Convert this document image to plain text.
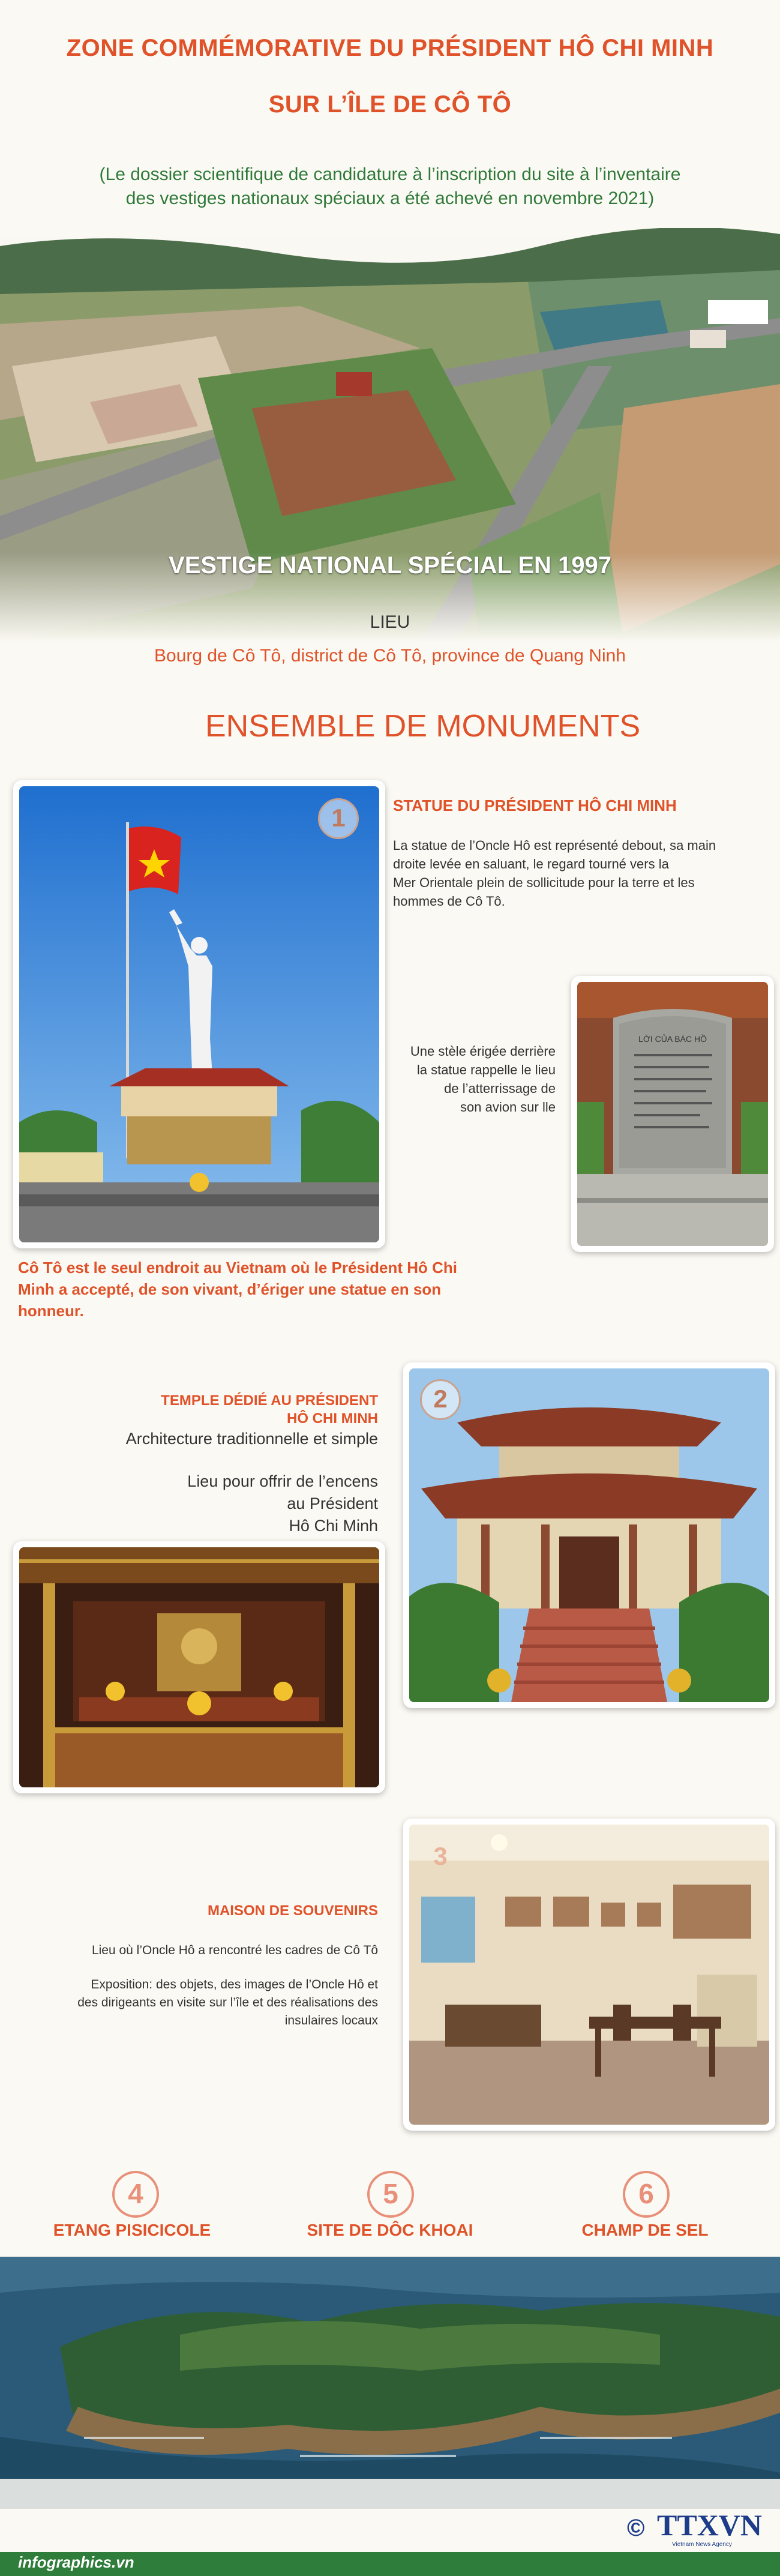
ZONE COMMÉMORATIVE DU PRÉSIDENT HÔ CHI MINH
SUR L’ÎLE DE CÔ TÔ
(Le dossier scientifique de candidature à l’inscription du site à l’inventaire
des vestiges nationaux spéciaux a été achevé en novembre 2021)
VESTIGE NATIONAL SPÉCIAL EN 1997
LIEU
Bourg de Cô Tô, district de Cô Tô, province de Quang Ninh
ENSEMBLE DE MONUMENTS
1	STATUE DU PRÉSIDENT HÔ CHI MINH
La statue de l’Oncle Hô est représenté debout, sa main
droite levée en saluant, le regard tourné vers la
Mer Orientale plein de sollicitude pour la terre et les
hommes de Cô Tô.
LỜI CỦA BÁC HỒ
Une stèle érigée derrière
la statue rappelle le lieu
de l’atterrissage de
son avion sur lle
Cô Tô est le seul endroit au Vietnam où le Président Hô Chi
Minh a accepté, de son vivant, d’ériger une statue en son
honneur.
2
TEMPLE DÉDIÉ AU PRÉSIDENT
HÔ CHI MINH
Architecture traditionnelle et simple
Lieu pour offrir de l’encens
au Président
Hô Chi Minh
3
MAISON DE SOUVENIRS
Lieu où l’Oncle Hô a rencontré les cadres de Cô Tô
Exposition: des objets, des images de l’Oncle Hô et
des dirigeants en visite sur l’île et des réalisations des
insulaires locaux
4	5	6
ETANG PISICICOLE	SITE DE DÔC KHOAI	CHAMP DE SEL
© TTXVN
Vietnam News Agency
infographics.vn
